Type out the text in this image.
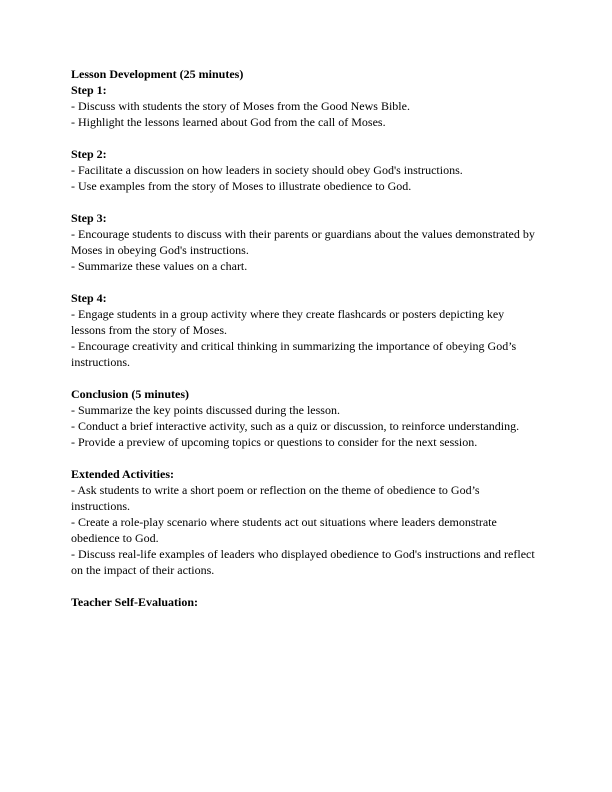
Lesson Development (25 minutes)
Step 1:

- Discuss with students the story of Moses from the Good News Bible.

- Highlight the lessons learned about God from the call of Moses.

Step 2:

- Facilitate a discussion on how leaders in society should obey God's instructions.

- Use examples from the story of Moses to illustrate obedience to God.

Step 3:

- Encourage students to discuss with their parents or guardians about the values demonstrated by Moses in obeying God's instructions.

- Summarize these values on a chart.

Step 4:

- Engage students in a group activity where they create flashcards or posters depicting key lessons from the story of Moses.

- Encourage creativity and critical thinking in summarizing the importance of obeying God’s instructions.

Conclusion (5 minutes)

- Summarize the key points discussed during the lesson.

- Conduct a brief interactive activity, such as a quiz or discussion, to reinforce understanding.

- Provide a preview of upcoming topics or questions to consider for the next session.

Extended Activities:

- Ask students to write a short poem or reflection on the theme of obedience to God’s instructions.

- Create a role-play scenario where students act out situations where leaders demonstrate obedience to God.

- Discuss real-life examples of leaders who displayed obedience to God's instructions and reflect on the impact of their actions.

Teacher Self-Evaluation:
